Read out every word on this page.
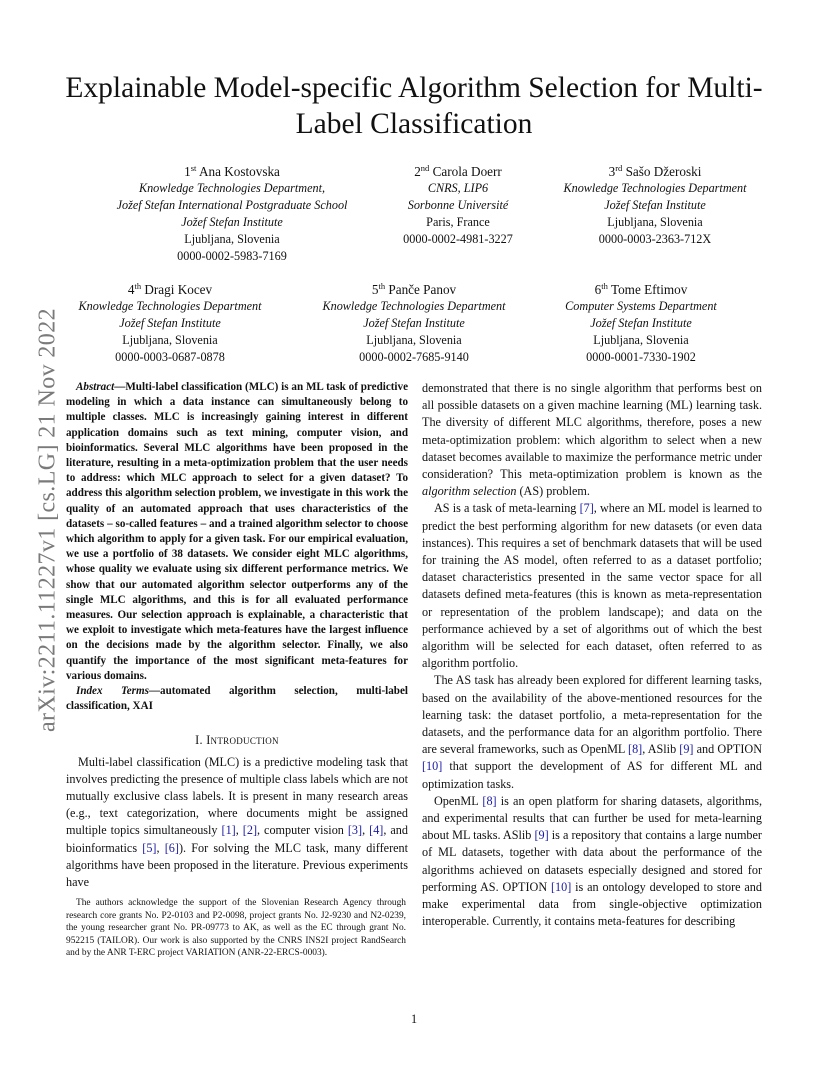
Explainable Model-specific Algorithm Selection for Multi-Label Classification
1st Ana Kostovska
Knowledge Technologies Department,
Jožef Stefan International Postgraduate School
Jožef Stefan Institute
Ljubljana, Slovenia
0000-0002-5983-7169
2nd Carola Doerr
CNRS, LIP6
Sorbonne Université
Paris, France
0000-0002-4981-3227
3rd Sašo Džeroski
Knowledge Technologies Department
Jožef Stefan Institute
Ljubljana, Slovenia
0000-0003-2363-712X
4th Dragi Kocev
Knowledge Technologies Department
Jožef Stefan Institute
Ljubljana, Slovenia
0000-0003-0687-0878
5th Panče Panov
Knowledge Technologies Department
Jožef Stefan Institute
Ljubljana, Slovenia
0000-0002-7685-9140
6th Tome Eftimov
Computer Systems Department
Jožef Stefan Institute
Ljubljana, Slovenia
0000-0001-7330-1902
arXiv:2211.11227v1 [cs.LG] 21 Nov 2022	Abstract—Multi-label classification (MLC) is an ML task of predictive modeling in which a data instance can simultaneously belong to multiple classes. MLC is increasingly gaining interest in different application domains such as text mining, computer vision, and bioinformatics. Several MLC algorithms have been proposed in the literature, resulting in a meta-optimization problem that the user needs to address: which MLC approach to select for a given dataset? To address this algorithm selection problem, we investigate in this work the quality of an automated approach that uses characteristics of the datasets – so-called features – and a trained algorithm selector to choose which algorithm to apply for a given task. For our empirical evaluation, we use a portfolio of 38 datasets. We consider eight MLC algorithms, whose quality we evaluate using six different performance metrics. We show that our automated algorithm selector outperforms any of the single MLC algorithms, and this is for all evaluated performance measures. Our selection approach is explainable, a characteristic that we exploit to investigate which meta-features have the largest influence on the decisions made by the algorithm selector. Finally, we also quantify the importance of the most significant meta-features for various domains.

Index Terms—automated algorithm selection, multi-label classification, XAI

I. Introduction

Multi-label classification (MLC) is a predictive modeling task that involves predicting the presence of multiple class labels which are not mutually exclusive class labels. It is present in many research areas (e.g., text categorization, where documents might be assigned multiple topics simultaneously [1], [2], computer vision [3], [4], and bioinformatics [5], [6]). For solving the MLC task, many different algorithms have been proposed in the literature. Previous experiments have

The authors acknowledge the support of the Slovenian Research Agency through research core grants No. P2-0103 and P2-0098, project grants No. J2-9230 and N2-0239, the young researcher grant No. PR-09773 to AK, as well as the EC through grant No. 952215 (TAILOR). Our work is also supported by the CNRS INS2I project RandSearch and by the ANR T-ERC project VARIATION (ANR-22-ERCS-0003).

demonstrated that there is no single algorithm that performs best on all possible datasets on a given machine learning (ML) learning task. The diversity of different MLC algorithms, therefore, poses a new meta-optimization problem: which algorithm to select when a new dataset becomes available to maximize the performance metric under consideration? This meta-optimization problem is known as the algorithm selection (AS) problem.

AS is a task of meta-learning [7], where an ML model is learned to predict the best performing algorithm for new datasets (or even data instances). This requires a set of benchmark datasets that will be used for training the AS model, often referred to as a dataset portfolio; dataset characteristics presented in the same vector space for all datasets defined meta-features (this is known as meta-representation or representation of the problem landscape); and data on the performance achieved by a set of algorithms out of which the best algorithm will be selected for each dataset, often referred to as algorithm portfolio.

The AS task has already been explored for different learning tasks, based on the availability of the above-mentioned resources for the learning task: the dataset portfolio, a meta-representation for the datasets, and the performance data for an algorithm portfolio. There are several frameworks, such as OpenML [8], ASlib [9] and OPTION [10] that support the development of AS for different ML and optimization tasks.

OpenML [8] is an open platform for sharing datasets, algorithms, and experimental results that can further be used for meta-learning about ML tasks. ASlib [9] is a repository that contains a large number of ML datasets, together with data about the performance of the algorithms achieved on datasets especially designed and stored for performing AS. OPTION [10] is an ontology developed to store and make experimental data from single-objective optimization interoperable. Currently, it contains meta-features for describing

1
